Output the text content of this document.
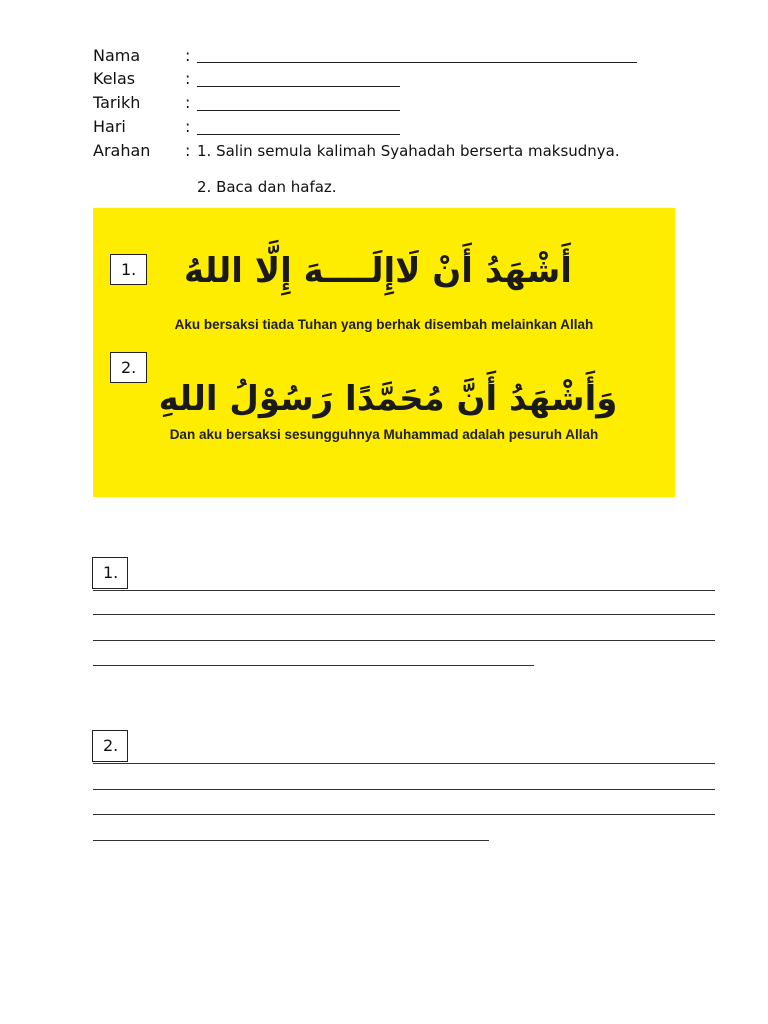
Nama	:
Kelas	:
Tarikh	:
Hari	:
Arahan : 1. Salin semula kalimah Syahadah berserta maksudnya.
2. Baca dan hafaz.
1. أَشْهَدُ أَنْ لَاإِلَــــهَ إِلَّا اللهُ
Aku bersaksi tiada Tuhan yang berhak disembah melainkan Allah
2.
وَأَشْهَدُ أَنَّ مُحَمَّدًا رَسُوْلُ اللهِ
Dan aku bersaksi sesungguhnya Muhammad adalah pesuruh Allah
1.
2.
